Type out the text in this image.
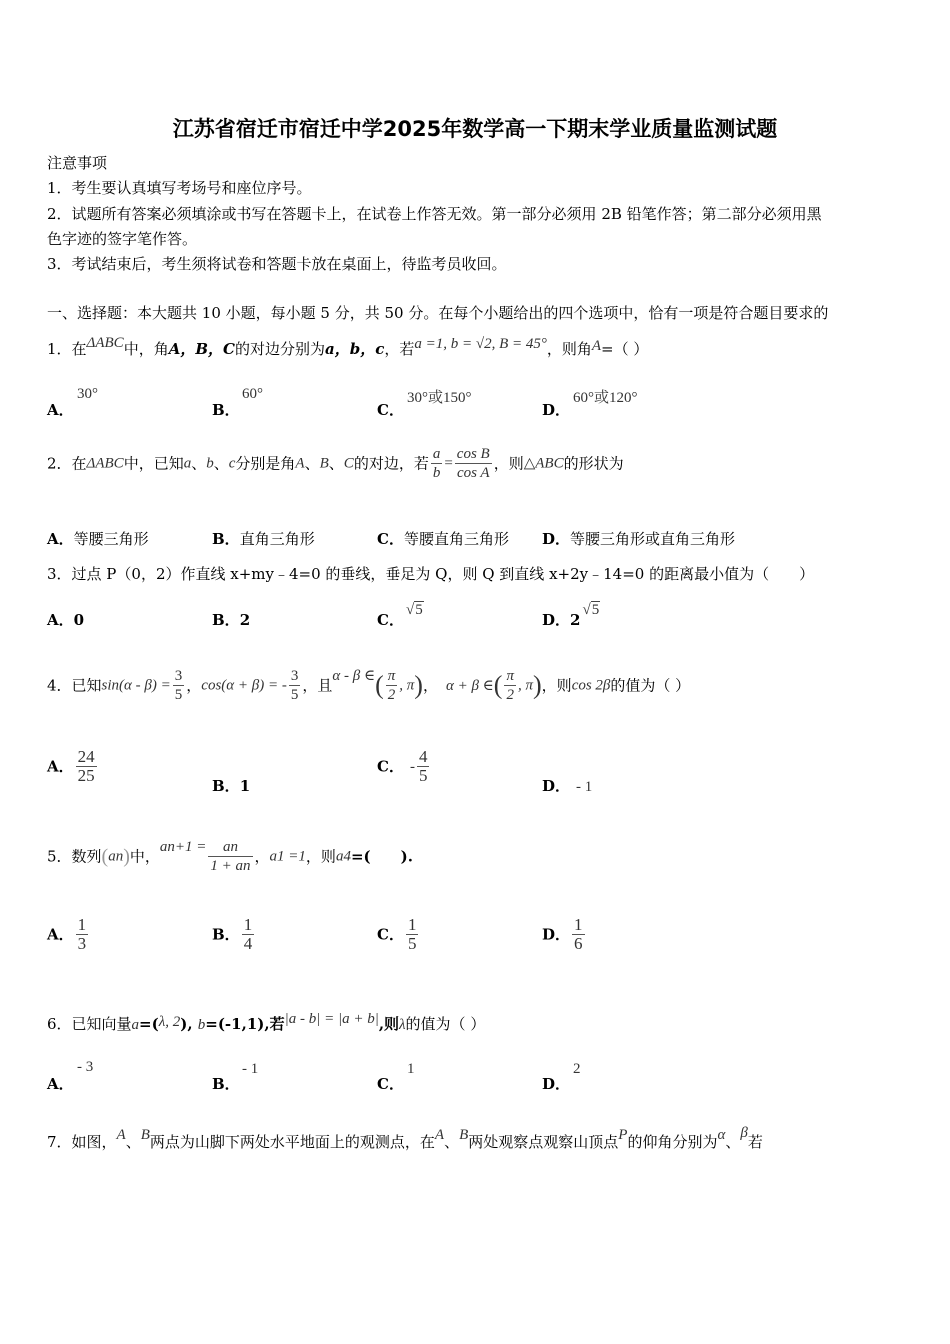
江苏省宿迁市宿迁中学2025年数学高一下期末学业质量监测试题
注意事项
1．考生要认真填写考场号和座位序号。
2．试题所有答案必须填涂或书写在答题卡上，在试卷上作答无效。第一部分必须用 2B 铅笔作答；第二部分必须用黑
色字迹的签字笔作答。
3．考试结束后，考生须将试卷和答题卡放在桌面上，待监考员收回。
一、选择题：本大题共 10 小题，每小题 5 分，共 50 分。在每个小题给出的四个选项中，恰有一项是符合题目要求的
1．在ΔABC中，角A，B，C的对边分别为a，b，c，若a =1, b = √2, B = 45°，则角A=（ ）
A．
30°
B．
60°
C．
30°或150°
D．
60°或120°
2．在ΔABC中，已知a、b、c分别是角A、B、C的对边，若 $\frac{a}{b} = \frac{\text{cos B}}{\text{cos A}}$ ，则△ABC的形状为
A．等腰三角形	B．直角三角形	C．等腰直角三角形 D．等腰三角形或直角三角形
3．过点 P（0，2）作直线 x+my﹣4=0 的垂线，垂足为 Q，则 Q 到直线 x+2y﹣14=0 的距离最小值为（　　）
A．0	B．2	C．√5
D．2√5
4．已知$\sin(\alpha - \beta) = \frac{3}{5}$ ，cos(α + β) = - $\frac{3}{5}$ ，且α - β ∈( $\frac{\pi}{2}$ , π)， α + β ∈( $\frac{\pi}{2}$ , π)，则cos 2β的值为（ ）
A． $\frac{24}{25}$
B．1
C． - $\frac{4}{5}$
D． - 1
5．数列(an)中，$an+1 = \frac{an}{1 + an}$ ，a1 =1，则a4=(　　).
A． $\frac{1}{3}$	B． $\frac{1}{4}$	C． $\frac{1}{5}$	D． $\frac{1}{6}$
6．已知向量a=(λ, 2), b=(-1,1),若|a - b| = |a + b|,则λ的值为（ ）
A．
- 3
B．
- 1
C．
1
D．
2
7．如图，A、B两点为山脚下两处水平地面上的观测点，在A、B两处观察点观察山顶点P的仰角分别为α、β若
